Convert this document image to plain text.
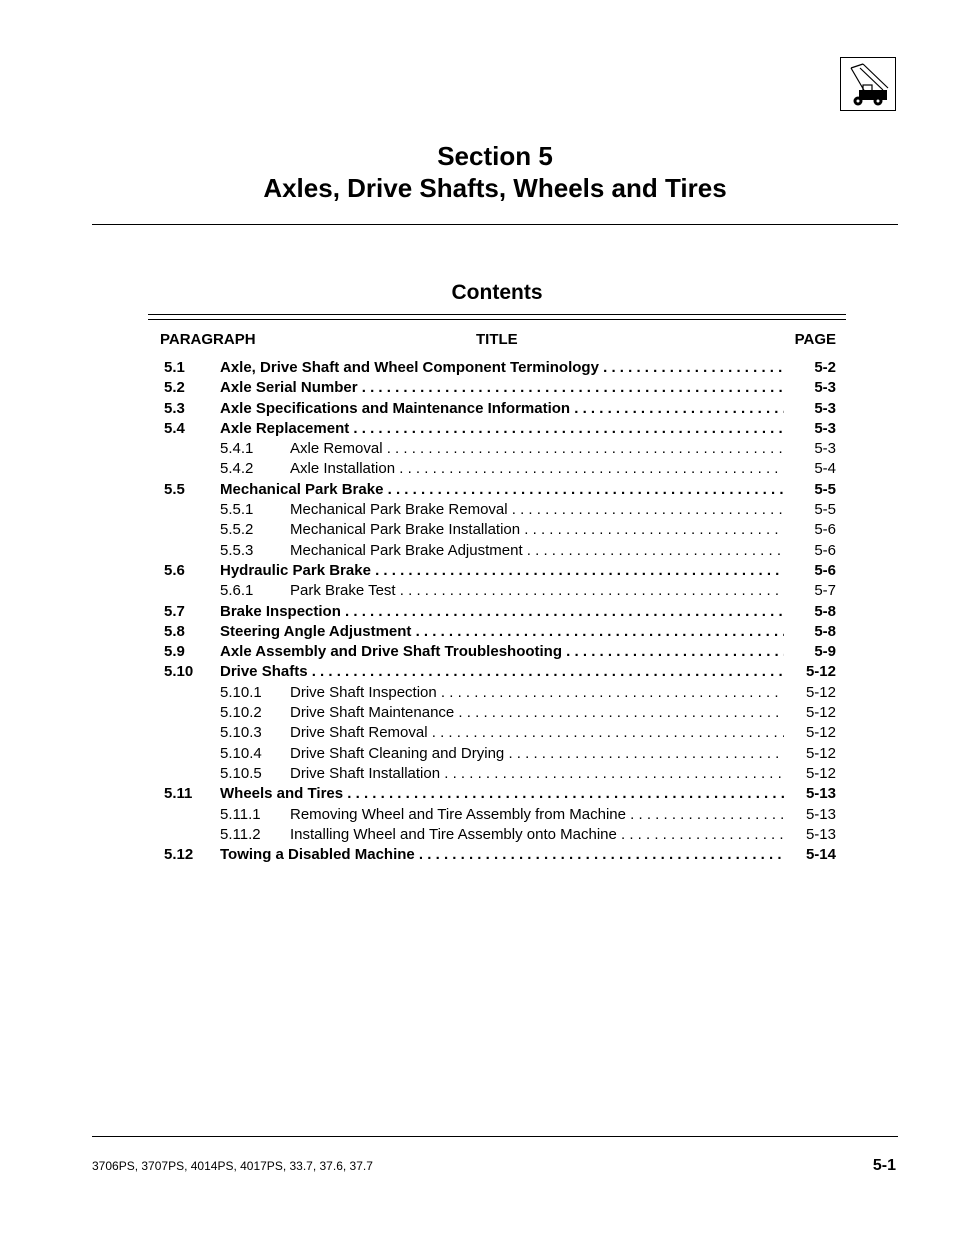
Section 5
Axles, Drive Shafts, Wheels and Tires
Contents
PARAGRAPH	TITLE	PAGE
5.1 Axle, Drive Shaft and Wheel Component Terminology . . .	5-2
5.2 Axle Serial Number . . .	5-3
5.3 Axle Specifications and Maintenance Information . . .	5-3
5.4 Axle Replacement . . .	5-3
5.4.1 Axle Removal . . .	5-3
5.4.2 Axle Installation . . .	5-4
5.5 Mechanical Park Brake . . .	5-5
5.5.1 Mechanical Park Brake Removal . . .	5-5
5.5.2 Mechanical Park Brake Installation . . .	5-6
5.5.3 Mechanical Park Brake Adjustment . . .	5-6
5.6 Hydraulic Park Brake . . .	5-6
5.6.1 Park Brake Test . . .	5-7
5.7 Brake Inspection . . .	5-8
5.8 Steering Angle Adjustment . . .	5-8
5.9 Axle Assembly and Drive Shaft Troubleshooting . . .	5-9
5.10 Drive Shafts . . .	5-12
5.10.1 Drive Shaft Inspection . . .	5-12
5.10.2 Drive Shaft Maintenance . . .	5-12
5.10.3 Drive Shaft Removal . . .	5-12
5.10.4 Drive Shaft Cleaning and Drying . . .	5-12
5.10.5 Drive Shaft Installation . . .	5-12
5.11 Wheels and Tires . . .	5-13
5.11.1 Removing Wheel and Tire Assembly from Machine . . .	5-13
5.11.2 Installing Wheel and Tire Assembly onto Machine . . .	5-13
5.12 Towing a Disabled Machine . . .	5-14
3706PS, 3707PS, 4014PS, 4017PS, 33.7, 37.6, 37.7	5-1
